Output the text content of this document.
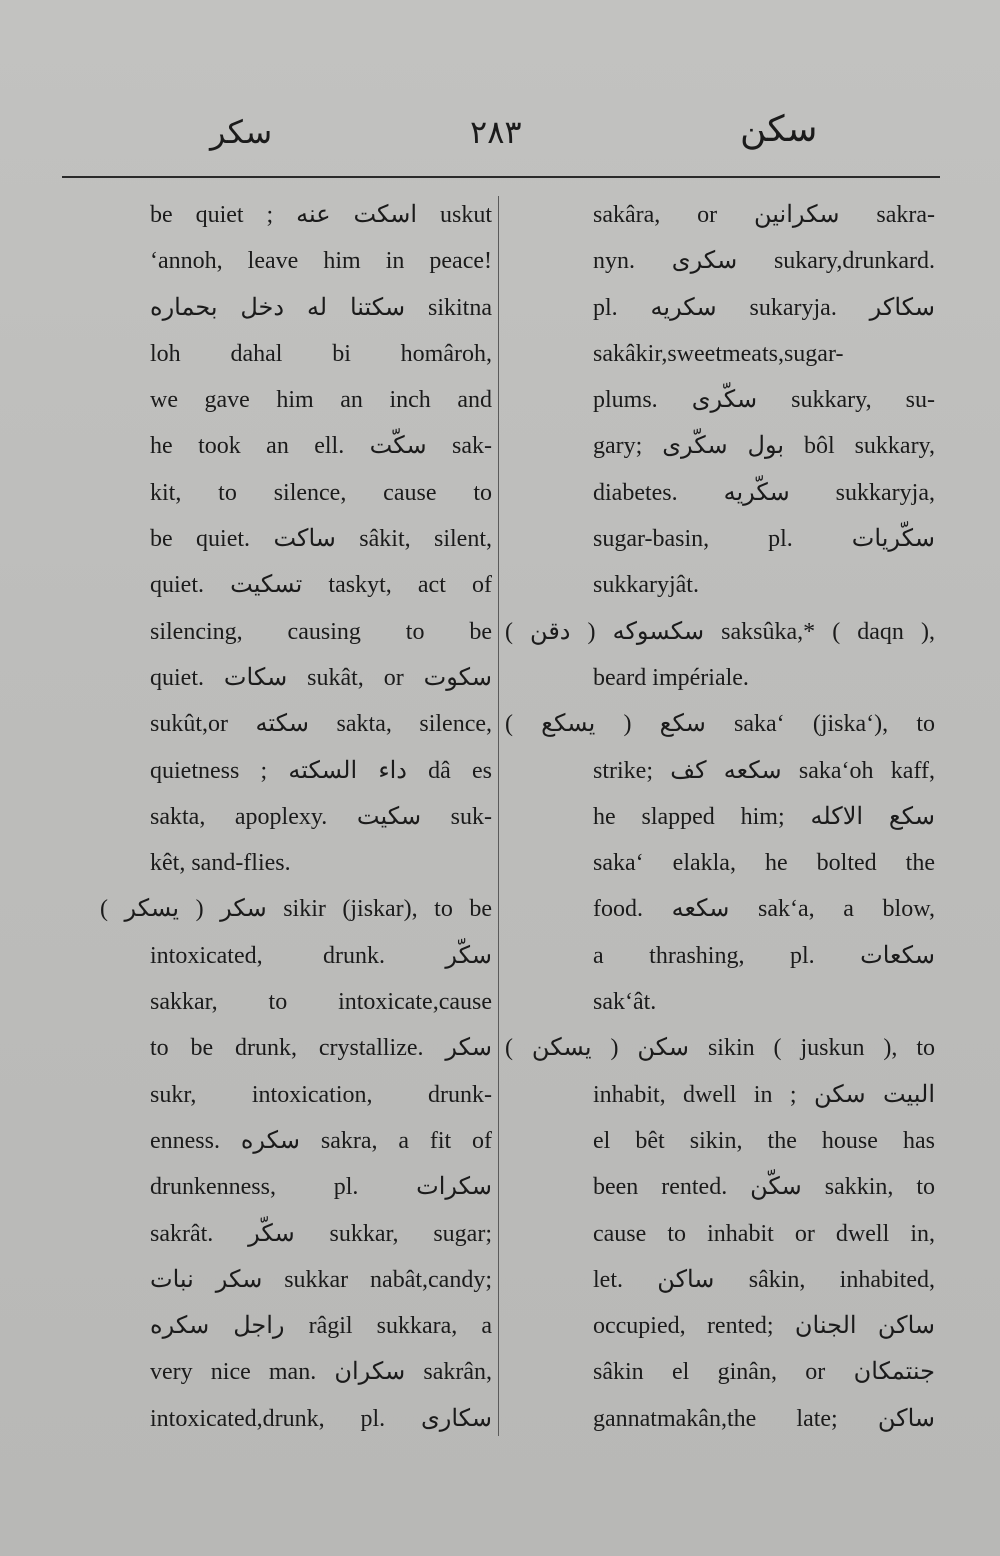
سکر	۲۸۳	سکن
be quiet ; اسکت عنه uskut
‘annoh, leave him in peace!
سکتنا له دخل بحماره sikitna
loh dahal bi homâroh,
we gave him an inch and
he took an ell. سکّت sak-
kit, to silence, cause to
be quiet. ساکت sâkit, silent,
quiet. تسکیت taskyt, act of
silencing, causing to be
quiet. سکات sukât, or سکوت
sukût,or سکته sakta, silence,
quietness ; داء السکته dâ es
sakta, apoplexy. سکیت suk-
kêt, sand-flies.
سکر ( یسکر ) sikir (jiskar), to be
intoxicated, drunk. سکّر
sakkar, to intoxicate,cause
to be drunk, crystallize. سکر
sukr, intoxication, drunk-
enness. سکره sakra, a fit of
drunkenness, pl. سکرات
sakrât. سکّر sukkar, sugar;
سکر نبات sukkar nabât,candy;
راجل سکره râgil sukkara, a
very nice man. سکران sakrân,
intoxicated,drunk, pl. سکاری
sakâra, or سکرانین sakra-
nyn. سکری sukary,drunkard.
pl. سکریه sukaryja. سکاکر
sakâkir,sweetmeats,sugar-
plums. سکّری sukkary, su-
gary; بول سکّری bôl sukkary,
diabetes. سکّریه sukkaryja,
sugar-basin, pl. سکّریات
sukkaryjât.
سکسوکه ( دقن ) saksûka,* ( daqn ),
beard impériale.
سکع ( یسکع ) saka‘ (jiska‘), to
strike; سکعه کف saka‘oh kaff,
he slapped him; سکع الاکله
saka‘ elakla, he bolted the
food. سکعه sak‘a, a blow,
a thrashing, pl. سکعات
sak‘ât.
سکن ( یسکن ) sikin ( juskun ), to
inhabit, dwell in ; البیت سکن
el bêt sikin, the house has
been rented. سکّن sakkin, to
cause to inhabit or dwell in,
let. ساکن sâkin, inhabited,
occupied, rented; ساکن الجنان
sâkin el ginân, or جنتمکان
gannatmakân,the late; ساکن
